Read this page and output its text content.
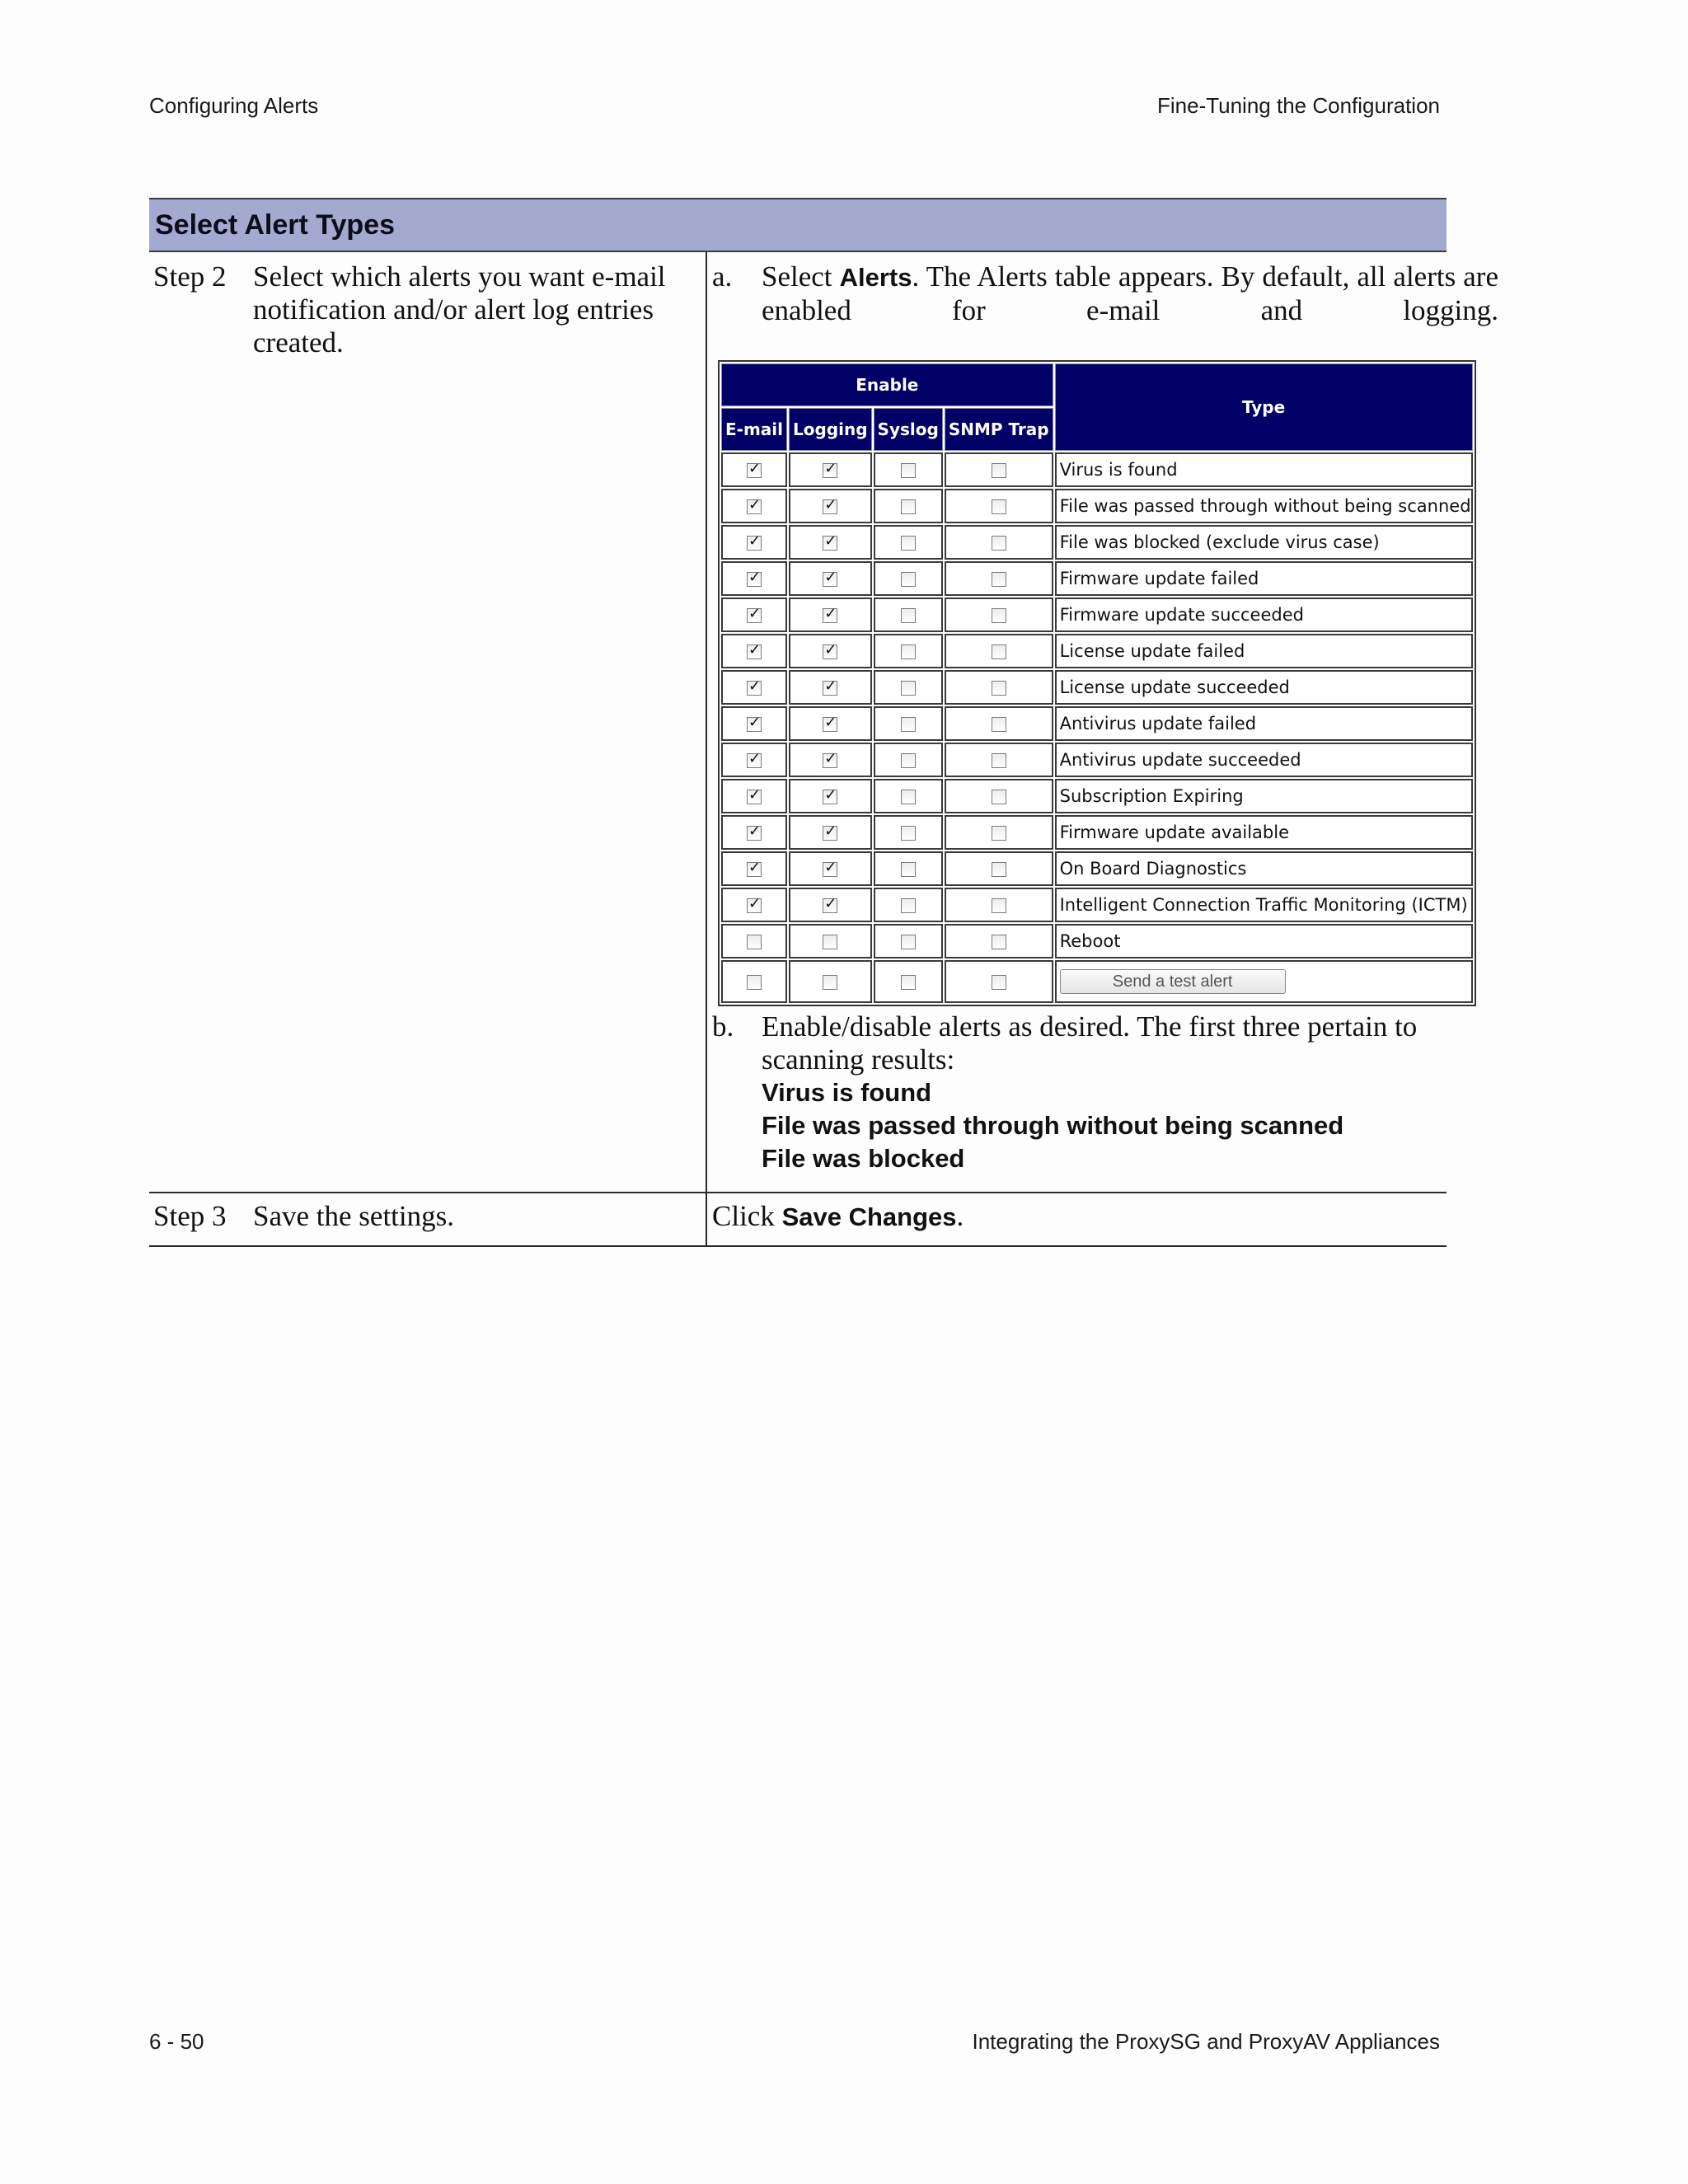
Configuring Alerts	Fine-Tuning the Configuration
Select Alert Types
Step 2 Select which alerts you want e-mail notification and/or alert log entries created.
a. Select Alerts. The Alerts table appears. By default, all alerts are enabled for e-mail and logging.
Enable				Type
E-mail	Logging	Syslog	SNMP Trap	
✓	✓			Virus is found
✓	✓			File was passed through without being scanned
✓	✓			File was blocked (exclude virus case)
✓	✓			Firmware update failed
✓	✓			Firmware update succeeded
✓	✓			License update failed
✓	✓			License update succeeded
✓	✓			Antivirus update failed
✓	✓			Antivirus update succeeded
✓	✓			Subscription Expiring
✓	✓			Firmware update available
✓	✓			On Board Diagnostics
✓	✓			Intelligent Connection Traffic Monitoring (ICTM)
				Reboot
				Send a test alert
b. Enable/disable alerts as desired. The first three pertain to scanning results:
Virus is found
File was passed through without being scanned
File was blocked
Step 3 Save the settings.	Click Save Changes.
6 - 50	Integrating the ProxySG and ProxyAV Appliances
